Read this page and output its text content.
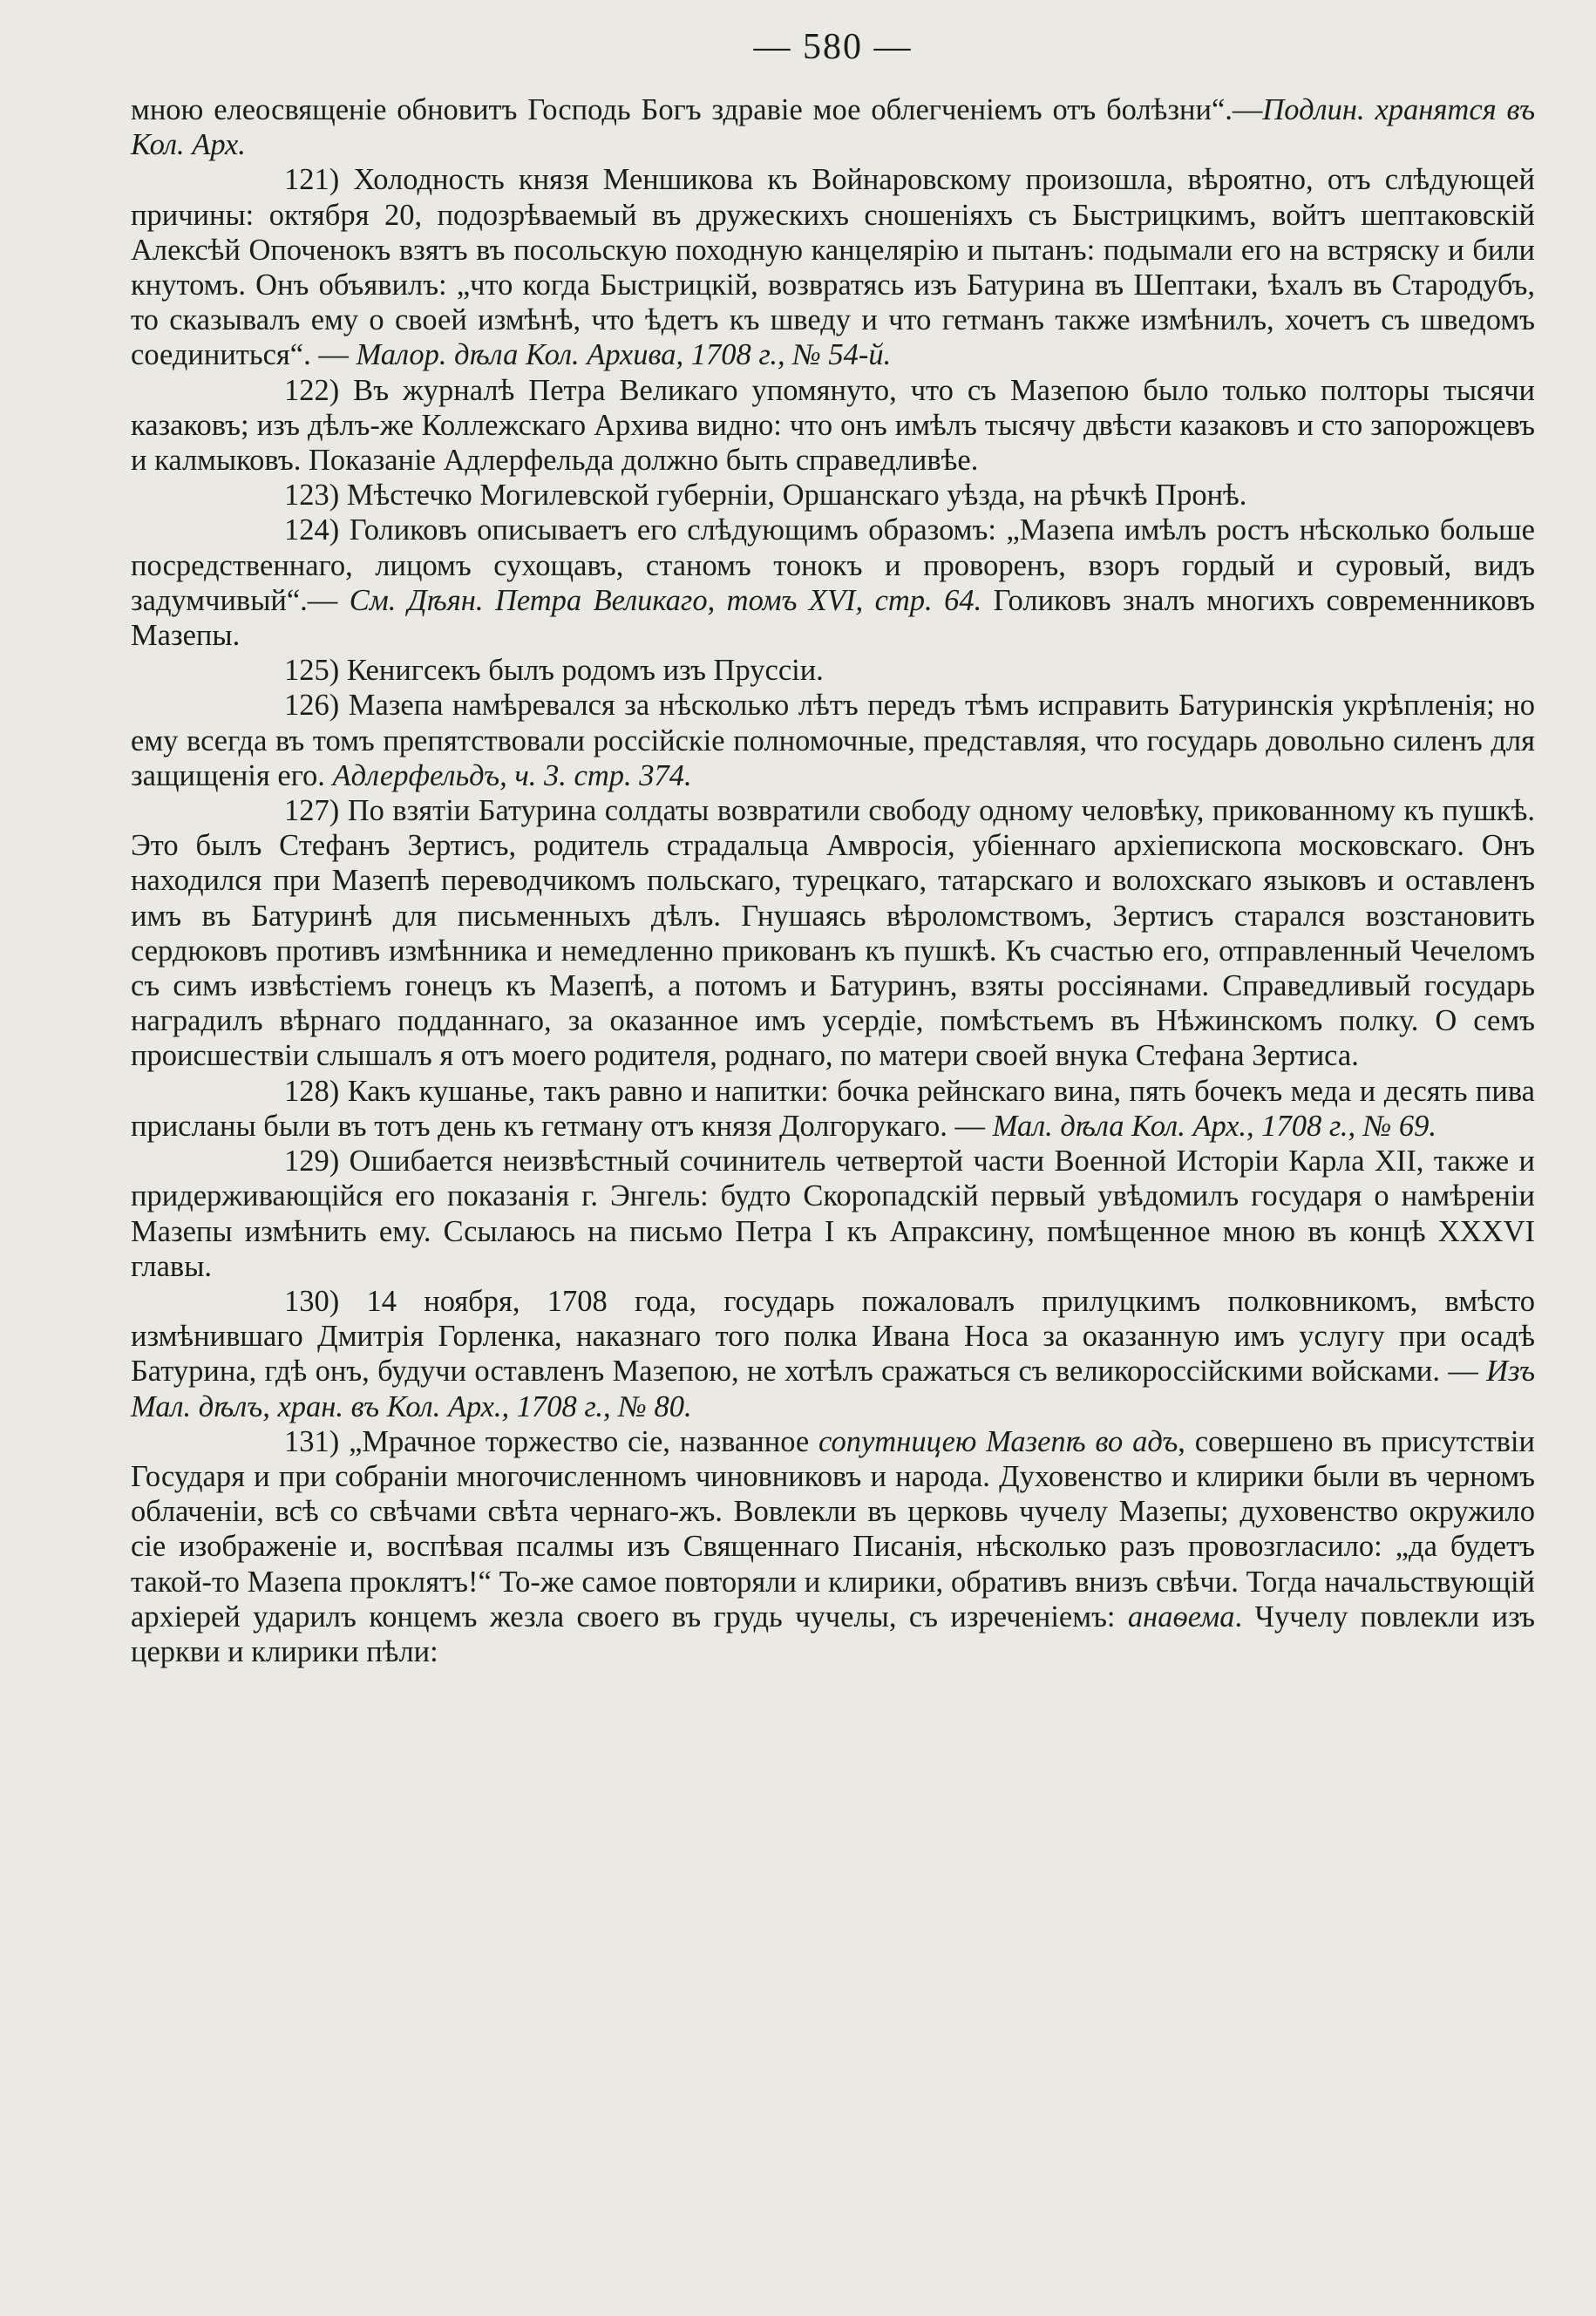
— 580 —

мною елеосвященіе обновитъ Господь Богъ здравіе мое облегченіемъ отъ болѣзни“.—Подлин. хранятся въ Кол. Арх.

121) Холодность князя Меншикова къ Войнаровскому произошла, вѣроятно, отъ слѣдующей причины: октября 20, подозрѣваемый въ дружескихъ сношеніяхъ съ Быстрицкимъ, войтъ шептаковскій Алексѣй Опоченокъ взятъ въ посольскую походную канцелярію и пытанъ: подымали его на встряску и били кнутомъ. Онъ объявилъ: „что когда Быстрицкій, возвратясь изъ Батурина въ Шептаки, ѣхалъ въ Стародубъ, то сказывалъ ему о своей измѣнѣ, что ѣдетъ къ шведу и что гетманъ также измѣнилъ, хочетъ съ шведомъ соединиться“. — Малор. дѣла Кол. Архива, 1708 г., № 54-й.

122) Въ журналѣ Петра Великаго упомянуто, что съ Мазепою было только полторы тысячи казаковъ; изъ дѣлъ-же Коллежскаго Архива видно: что онъ имѣлъ тысячу двѣсти казаковъ и сто запорожцевъ и калмыковъ. Показаніе Адлерфельда должно быть справедливѣе.

123) Мѣстечко Могилевской губерніи, Оршанскаго уѣзда, на рѣчкѣ Пронѣ.

124) Голиковъ описываетъ его слѣдующимъ образомъ: „Мазепа имѣлъ ростъ нѣсколько больше посредственнаго, лицомъ сухощавъ, станомъ тонокъ и проворенъ, взоръ гордый и суровый, видъ задумчивый“.— См. Дѣян. Петра Великаго, томъ XVI, стр. 64. Голиковъ зналъ многихъ современниковъ Мазепы.

125) Кенигсекъ былъ родомъ изъ Пруссіи.

126) Мазепа намѣревался за нѣсколько лѣтъ передъ тѣмъ исправить Батуринскія укрѣпленія; но ему всегда въ томъ препятствовали россійскіе полномочные, представляя, что государь довольно силенъ для защищенія его. Адлерфельдъ, ч. 3. стр. 374.

127) По взятіи Батурина солдаты возвратили свободу одному человѣку, прикованному къ пушкѣ. Это былъ Стефанъ Зертисъ, родитель страдальца Амвросія, убіеннаго архіепископа московскаго. Онъ находился при Мазепѣ переводчикомъ польскаго, турецкаго, татарскаго и волохскаго языковъ и оставленъ имъ въ Батуринѣ для письменныхъ дѣлъ. Гнушаясь вѣроломствомъ, Зертисъ старался возстановить сердюковъ противъ измѣнника и немедленно прикованъ къ пушкѣ. Къ счастью его, отправленный Чечеломъ съ симъ извѣстіемъ гонецъ къ Мазепѣ, а потомъ и Батуринъ, взяты россіянами. Справедливый государь наградилъ вѣрнаго подданнаго, за оказанное имъ усердіе, помѣстьемъ въ Нѣжинскомъ полку. О семъ происшествіи слышалъ я отъ моего родителя, роднаго, по матери своей внука Стефана Зертиса.

128) Какъ кушанье, такъ равно и напитки: бочка рейнскаго вина, пять бочекъ меда и десять пива присланы были въ тотъ день къ гетману отъ князя Долгорукаго. — Мал. дѣла Кол. Арх., 1708 г., № 69.

129) Ошибается неизвѣстный сочинитель четвертой части Военной Исторіи Карла XII, также и придерживающійся его показанія г. Энгель: будто Скоропадскій первый увѣдомилъ государя о намѣреніи Мазепы измѣнить ему. Ссылаюсь на письмо Петра I къ Апраксину, помѣщенное мною въ концѣ XXXVI главы.

130) 14 ноября, 1708 года, государь пожаловалъ прилуцкимъ полковникомъ, вмѣсто измѣнившаго Дмитрія Горленка, наказнаго того полка Ивана Носа за оказанную имъ услугу при осадѣ Батурина, гдѣ онъ, будучи оставленъ Мазепою, не хотѣлъ сражаться съ великороссійскими войсками. — Изъ Мал. дѣлъ, хран. въ Кол. Арх., 1708 г., № 80.

131) „Мрачное торжество сіе, названное сопутницею Мазепѣ во адъ, совершено въ присутствіи Государя и при собраніи многочисленномъ чиновниковъ и народа. Духовенство и клирики были въ черномъ облаченіи, всѣ со свѣчами свѣта чернаго-жъ. Вовлекли въ церковь чучелу Мазепы; духовенство окружило сіе изображеніе и, воспѣвая псалмы изъ Священнаго Писанія, нѣсколько разъ провозгласило: „да будетъ такой-то Мазепа проклятъ!“ То-же самое повторяли и клирики, обративъ внизъ свѣчи. Тогда начальствующій архіерей ударилъ концемъ жезла своего въ грудь чучелы, съ изреченіемъ: анаѳема. Чучелу повлекли изъ церкви и клирики пѣли:
